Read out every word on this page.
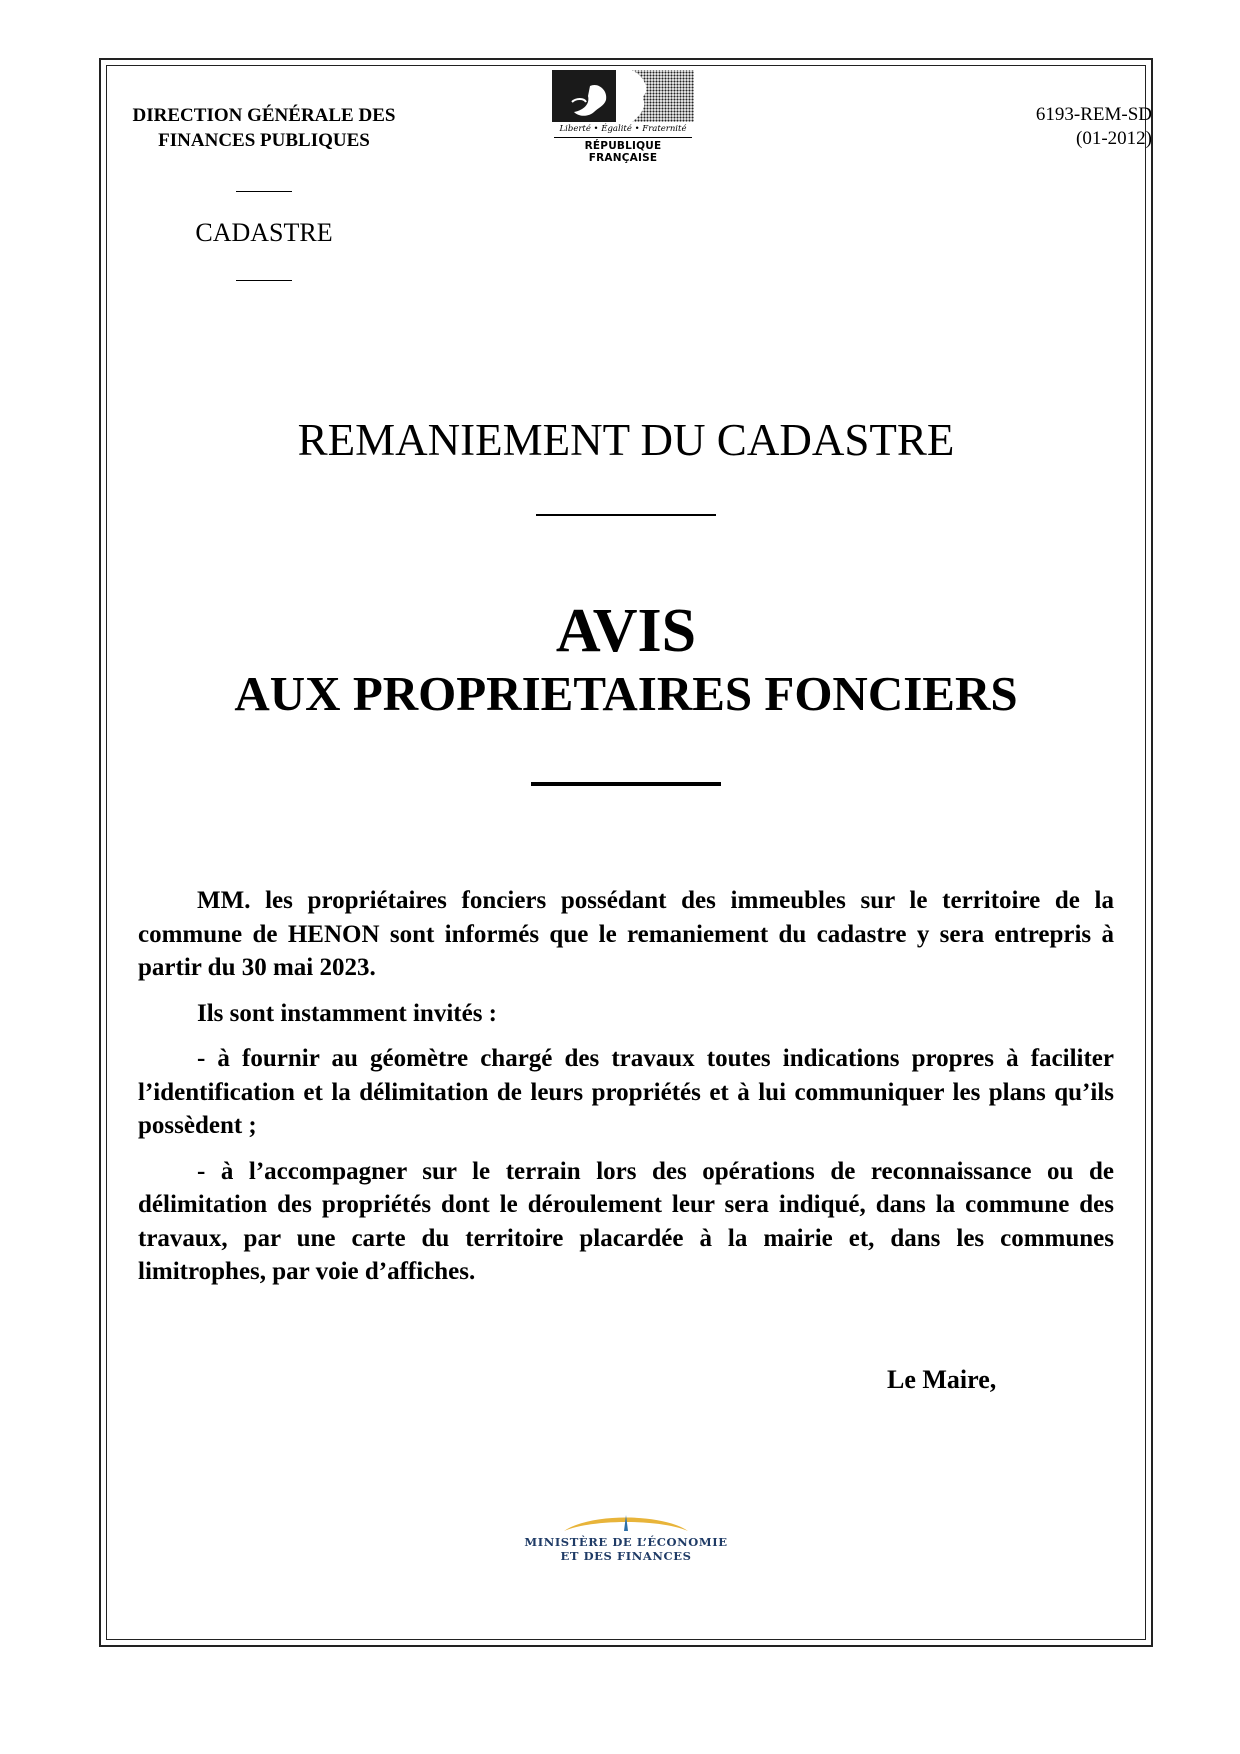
DIRECTION GÉNÉRALE DES
FINANCES PUBLIQUES
CADASTRE
Liberté • Égalité • Fraternité
RÉPUBLIQUE FRANÇAISE
6193-REM-SD
(01-2012)
REMANIEMENT DU CADASTRE
AVIS
AUX PROPRIETAIRES FONCIERS

MM. les propriétaires fonciers possédant des immeubles sur le territoire de la commune de HENON sont informés que le remaniement du cadastre y sera entrepris à partir du 30 mai 2023.

Ils sont instamment invités :

- à fournir au géomètre chargé des travaux toutes indications propres à faciliter l’identification et la délimitation de leurs propriétés et à lui communiquer les plans qu’ils possèdent ;

- à l’accompagner sur le terrain lors des opérations de reconnaissance ou de délimitation des propriétés dont le déroulement leur sera indiqué, dans la commune des travaux, par une carte du territoire placardée à la mairie et, dans les communes limitrophes, par voie d’affiches.

Le Maire,
MINISTÈRE DE L’ÉCONOMIE
ET DES FINANCES
